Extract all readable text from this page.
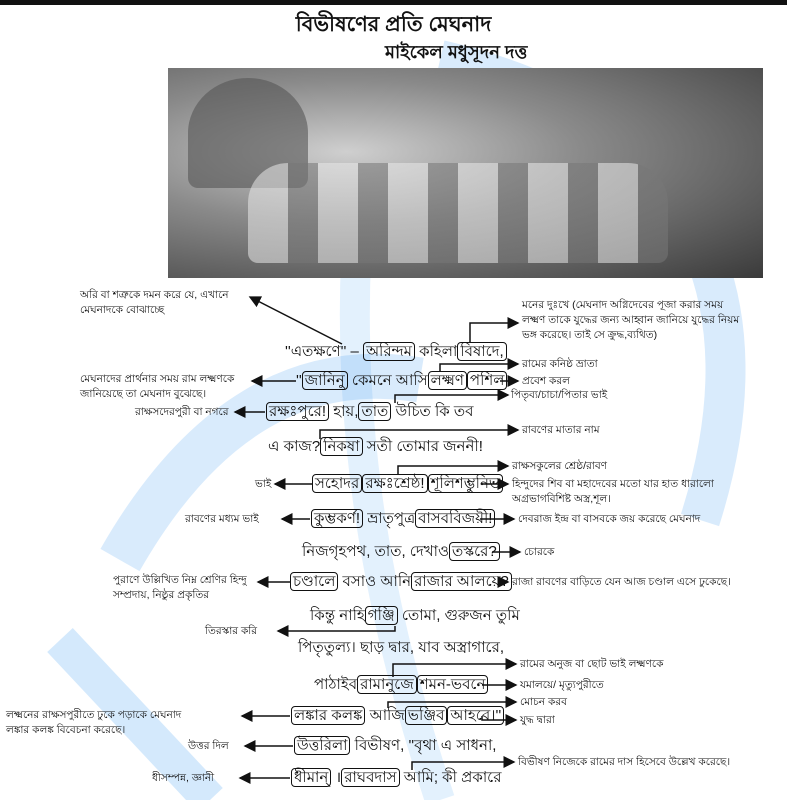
বিভীষণের প্রতি মেঘনাদ
মাইকেল মধুসূদন দত্ত
''এতক্ষণে'' – অরিন্দম কহিলা বিষাদে,
'' জানিনু কেমনে আসি লক্ষ্মণ পশিল
রক্ষঃপুরে! হায়, তাত উচিত কি তব
এ কাজ? নিকষা সতী তোমার জননী!
সহোদর রক্ষঃশ্রেষ্ঠ! শূলিশম্ভুনিভ
কুম্ভকর্ণ! ভ্রাতৃপুত্র বাসববিজয়ী!
নিজগৃহপথ, তাত, দেখাও তস্করে?
চণ্ডালে বসাও আনি রাজার আলয়ে?
কিন্তু নাহি গঞ্জি তোমা, গুরুজন তুমি
পিতৃতুল্য। ছাড় দ্বার, যাব অস্ত্রাগারে,
পাঠাইব রামানুজে শমন-ভবনে
লঙ্কার কলঙ্ক আজি ভঞ্জিব আহবে।''
উত্তরিলা বিভীষণ, ''বৃথা এ সাধনা,
ধীমান্ । রাঘবদাস আমি; কী প্রকারে
অরি বা শত্রুকে দমন করে যে, এখানে
মেঘনাদকে বোঝাচ্ছে	মনের দুঃখে (মেঘনাদ অগ্নিদেবের পূজা করার সময়
লক্ষ্মণ তাকে যুদ্ধের জন্য আহ্বান জানিয়ে যুদ্ধের নিয়ম
ভঙ্গ করেছে। তাই সে ক্রুদ্ধ,ব্যথিত)
মেঘনাদের প্রার্থনার সময় রাম লক্ষ্মণকে
জানিয়েছে তা মেঘনাদ বুঝেছে।
রামের কনিষ্ঠ ভ্রাতা
প্রবেশ করল
রাক্ষসদেরপুরী বা নগরে
পিতৃব্য/চাচা/পিতার ভাই
রাবণের মাতার নাম
ভাই
রাক্ষসকুলের শ্রেষ্ঠ/রাবণ
হিন্দুদের শিব বা মহাদেবের মতো যার হাত ধারালো
অগ্রভাগবিশিষ্ট অস্ত্র,শূল।
রাবণের মধ্যম ভাই	দেবরাজ ইন্দ্র বা বাসবকে জয় করেছে মেঘনাদ
চোরকে
পুরাণে উল্লিখিত নিম্ন শ্রেণির হিন্দু
সম্প্রদায়, নিষ্ঠুর প্রকৃতির
রাজা রাবণের বাড়িতে যেন আজ চণ্ডাল এসে ঢুকেছে।
তিরস্কার করি
রামের অনুজ বা ছোট ভাই লক্ষ্মণকে
যমালয়ে/ মৃত্যুপুরীতে
লক্ষ্মনের রাক্ষসপুরীতে ঢুকে পড়াকে মেঘনাদ
লঙ্কার কলঙ্ক বিবেচনা করেছে।
মোচন করব
যুদ্ধ দ্বারা
উত্তর দিল
ধীসম্পন্ন, জ্ঞানী
বিভীষণ নিজেকে রামের দাস হিসেবে উল্লেখ করেছে।
